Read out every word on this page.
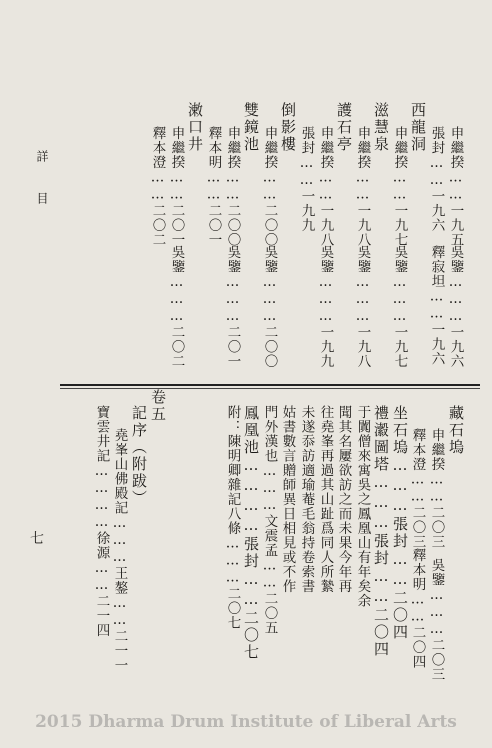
詳目
七
申繼揆……一九五
吳鑒………一九六
張封……一九六
釋寂坦……一九六
西龍洞
申繼揆……一九七
吳鑒………一九七
滋慧泉
申繼揆……一九八
吳鑒………一九八
護石亭
申繼揆……一九八
吳鑒………一九九
張封……一九九
倒影樓
申繼揆……二〇〇
吳鑒………二〇〇
雙鏡池
申繼揆……二〇〇
吳鑒………二〇一
釋本明……二〇一
潄口井
申繼揆……二〇一
吳鑒………二〇二
釋本澄……二〇二
藏石塢
申繼揆……二〇三
吳鑒………二〇三
釋本澄……二〇三
釋本明……二〇四
坐石塢………張封……二〇四
禮瀫圖塔………張封……二〇四
于闐僧來寓吳之鳳凰山有年矣余
聞其名屢欲訪之而未果今年再
往堯峯再過其山趾爲同人所縶
未遂忝訪適瑜菴毛翁持卷索書
姑書數言贈師異日相見或不作
門外漢也………文震孟……二〇五
鳳凰池…………張封……二〇七
附：陳明卿雜記八條………二〇七
卷五
記序（附跋）
堯峯山佛殿記………王鏊……二一一
寶雲井記…………徐源……二一四
2015 Dharma Drum Institute of Liberal Arts
